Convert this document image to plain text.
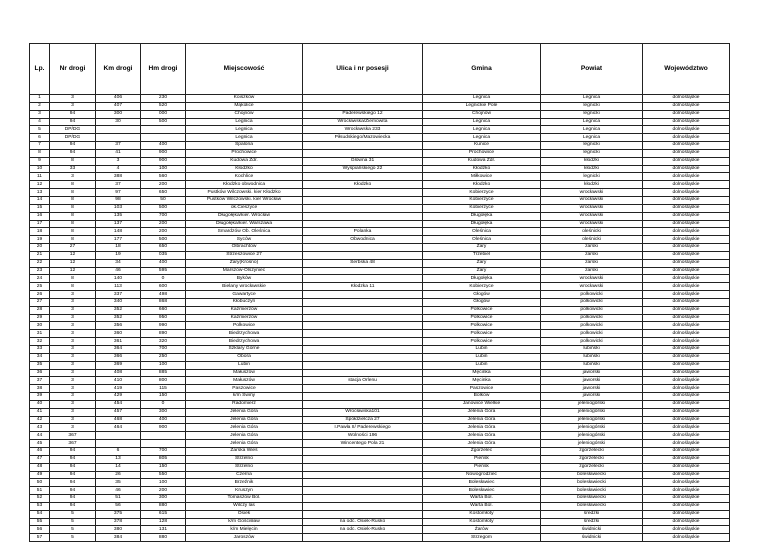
Lp.	Nr drogi	Km drogi	Hm drogi	Miejscowość	Ulica i nr posesji	Gmina	Powiat	Województwo
1	3	406	230	Koiszków		Legnica	Legnica	dolnośląskie
2	3	407	520	Mąkolice		Legnickie Pole	legnicki	dolnośląskie
3	94	300	000	Chojnów	Paderewskiego 12	Chojnów	legnicki	dolnośląskie
4	94	30	500	Legnica	Wrocławska/Ziemowita	Legnica	Legnica	dolnośląskie
5	DP/DG			Legnica	Wrocławska 233	Legnica	Legnica	dolnośląskie
6	DP/DG			Legnica	Piłsudskiego/Mazowiecka	Legnica	Legnica	dolnośląskie
7	94	37	400	Spalona		Kunice	legnicki	dolnośląskie
8	94	41	900	Prochowice		Prochowice	legnicki	dolnośląskie
9	8	3	900	Kudowa Zdr.	Główna 31	Kudowa Zdr.	kłodzki	dolnośląskie
10	33	4	100	Kłodzko	Wyspiańskiego 22	Kłodzko	kłodzki	dolnośląskie
11	3	388	560	Kochlice		Miłkowice	legnicki	dolnośląskie
12	8	37	200	Kłodzko obwodnica	Kłodzko	Kłodzko	kłodzki	dolnośląskie
13	8	97	650	Pustków Wilczowski. kier Kłodzko		Kobierzyce	wrocławski	dolnośląskie
14	8	98	50	Pustków Wilczowski. kier Wrocław		Kobierzyce	wrocławski	dolnośląskie
15	8	103	500	ok.Cieszyce		Kobierzyce	wrocławski	dolnośląskie
16	8	135	700	Długołęka/kier. Wrocław		Długołęka	wrocławski	dolnośląskie
17	8	137	200	Długołęka/kier. Warszawa		Długołęka	wrocławski	dolnośląskie
18	8	148	200	Smardzów Ob. Oleśnica	Polanka	Oleśnica	oleśnicki	dolnośląskie
19	8	177	500	Syców	Obwodnica	Oleśnica	oleśnicki	dolnośląskie
20	27	18	650	Olbrachtów		Żary	żarski	dolnośląskie
21	12	19	035	Strzeszowice 27		Trzebiel	żarski	dolnośląskie
22	12	34	400	Żary(Krosno)	Serbska 48	Żary	żarski	dolnośląskie
23	12	46	595	Marszów-Olszyniec		Żary	żarski	dolnośląskie
24	8	140	0	Byków		Długołęka	wrocławski	dolnośląskie
25	8	113	600	Bielany wrocławskie	Kłodzka 11	Kobierzyce	wrocławski	dolnośląskie
26	3	337	498	Gawartyce		Głogów	polkowicki	dolnośląskie
27	3	340	868	Kłobuczyn		Głogów	polkowicki	dolnośląskie
28	3	352	660	Kaźmierzów		Polkowice	polkowicki	dolnośląskie
29	3	352	950	Kaźmierzów		Polkowice	polkowicki	dolnośląskie
30	3	356	990	Polkowice		Polkowice	polkowicki	dolnośląskie
31	3	360	890	Biedrzychowa		Polkowice	polkowicki	dolnośląskie
32	3	361	320	Biedrzychowa		Polkowice	polkowicki	dolnośląskie
33	3	364	700	Szklary Górne		Lubin	lubiński	dolnośląskie
34	3	366	250	Obora		Lubin	lubiński	dolnośląskie
35	3	369	100	Lubin		Lubin	lubiński	dolnośląskie
36	3	408	885	Małuszów		Męcinka	jaworski	dolnośląskie
37	3	410	800	Małuszów	stacja Orlenu	Męcinka	jaworski	dolnośląskie
38	3	419	115	Paszowice		Paszowice	jaworski	dolnośląskie
39	3	429	150	k/m Świny		Bolków	jaworski	dolnośląskie
40	3	454	0	Radomierz		Janowice Wielkie	jeleniogórski	dolnośląskie
41	3	457	300	Jelenia Góra	Wrocławska101	Jelenia Góra	jeleniogórski	dolnośląskie
42	3	468	400	Jelenia Góra	Spółdzielcza 27	Jelenia Góra	jeleniogórski	dolnośląskie
43	3	464	900	Jelenia Góra	I.Pawła II/ Paderewskiego	Jelenia Góra	jeleniogórski	dolnośląskie
44	367			Jelenia Góra	Wolności 196	Jelenia Góra	jeleniogórski	dolnośląskie
45	367			Jelenia Góra	Wincentego Pola 21	Jelenia Góra	jeleniogórski	dolnośląskie
46	94	6	700	Żarska Wieś		Zgorzelec	zgorzelecki	dolnośląskie
47	94	13	805	Strzelno		Pieńsk	zgorzelecki	dolnośląskie
48	94	14	150	Strzelno		Pieńsk	zgorzelecki	dolnośląskie
49	94	26	550	Czerna		Nowogrodziec	bolesławiecki	dolnośląskie
50	94	35	100	Brzeźnik		Bolesławiec	bolesławiecki	dolnośląskie
51	94	46	200	Kruszyn		Bolesławiec	bolesławiecki	dolnośląskie
52	94	51	300	Tomaszów Bol.		Warta Bol.	bolesławiecki	dolnośląskie
53	94	56	880	Wilczy las		Warta Bol.	bolesławiecki	dolnośląskie
54	5	375	615	Osiek		Kostomłoty	średzki	dolnośląskie
55	5	378	128	k/m Gościsław	na odc. Osiek-Rusko	Kostomłoty	średzki	dolnośląskie
56	5	380	131	k/m Mielęcin	na odc. Osiek-Rusko	Żarów	świdnicki	dolnośląskie
57	5	384	880	Jaroszów		Strzegom	świdnicki	dolnośląskie
